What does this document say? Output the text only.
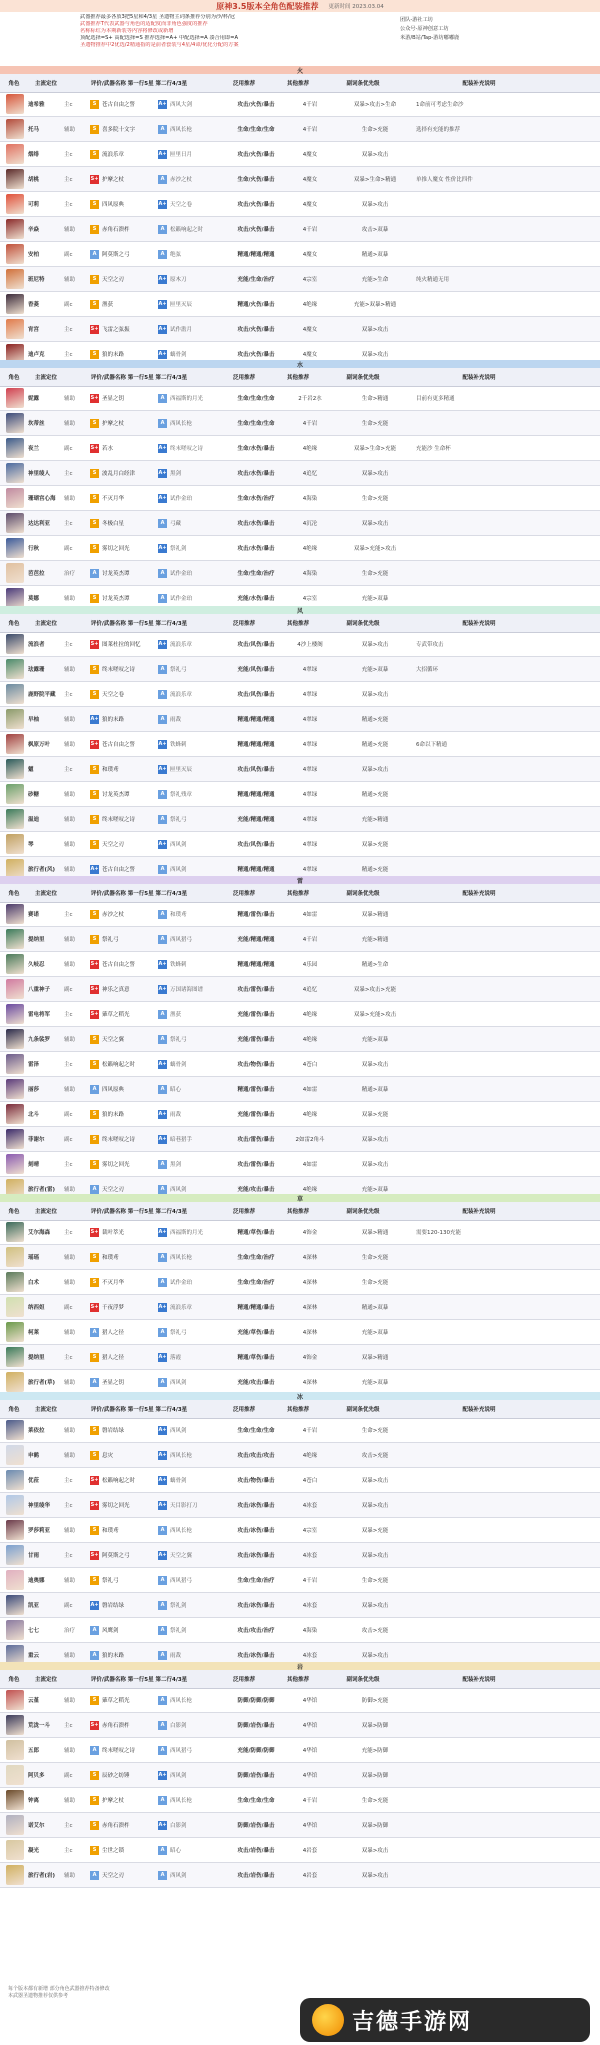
原神3.5版本全角色配装推荐 更新时间 2023.03.04
武器推荐最多各放3把5星和4/3星 圣遗物主词条推荐分别为沙/杯/冠
武器推荐T代表武器与角色的适配度而非角色强度的推荐
名称标红为本期新装等内容将修改或新增
顶配选择=S+ 高配选择=S 推荐选择=A+ 中配选择=A 凑合用即=A
圣遗物推荐中2优选/2精通指的是前者套装与4星/4命/优化分配的方案
团队-游社工坊
公众号-原神创意工坊
米游/B站/Tap-游坊嘟嘟鹿
火
角色	主流定位	评价/武器名称 第一行5星 第二行4/3星	泛用推荐	其他推荐	副词条优先级	配装补充说明
迪希雅	主c	S	苍古自由之誓	A+ 西风大剑	攻击/火伤/暴击	4千岩	双暴>攻击>生命	1命前可考虑生命沙
托马	辅助	S	喜多院十文字	A	西风长枪	生命/生命/生命	4千岩	生命>充能	选择有充能的推荐
烟绯	主c	S	流浪乐章	A+ 匣里日月	攻击/火伤/暴击	4魔女	双暴>攻击
胡桃	主c	S+ 护摩之杖	A	赤沙之杖	生命/火伤/暴击	4魔女	双暴>生命>精通	单推人魔女 性价比四件
可莉	主c	S	四风原典	A+ 天空之卷	攻击/火伤/暴击	4魔女	双暴>攻击
辛焱	辅助	S	赤角石溃杵	A	松籁响起之时	攻击/火伤/暴击	4千岩	攻击>双暴
安柏	副c	A	阿莫斯之弓	A	绝弦	精通/精通/精通	4魔女	精通>双暴
班尼特	辅助	S	天空之刃	A+ 原木刀	充能/生命/治疗	4宗室	充能>生命	纯火精通无用
香菱	副c	S	渔获	A+ 匣里灭辰	精通/火伤/暴击	4绝缘	充能>双暴>精通
宵宫	主c	S+ 飞雷之弦振	A+ 试作澹月	攻击/火伤/暴击	4魔女	双暴>攻击
迪卢克	主c	S	狼的末路	A+ 螭骨剑	攻击/火伤/暴击	4魔女	双暴>攻击
水
角色	主流定位	评价/武器名称 第一行5星 第二行4/3星	泛用推荐	其他推荐	副词条优先级	配装补充说明
妮露	辅助	S+ 圣显之钥	A	西福斯的月光	生命/生命/生命	2千岩2水	生命>精通	目前有更多精通
坎蒂丝	辅助	S	护摩之杖	A	西风长枪	生命/生命/生命	4千岩	生命>充能
夜兰	副c	S+ 若水	A+ 终末嗟叹之诗	生命/水伤/暴击	4绝缘	双暴>生命>充能	充能沙 生命杯
神里绫人	主c	S	波乱月白经津	A+ 黑剑	攻击/水伤/暴击	4追忆	双暴>攻击
珊瑚宫心海	辅助	S	不灭月华	A+ 试作金珀	生命/水伤/治疗	4海染	生命>充能
达达利亚	主c	S	冬极白星	A	弓藏	攻击/水伤/暴击	4沉沦	双暴>攻击
行秋	副c	S	雾切之回光	A+ 祭礼剑	攻击/水伤/暴击	4绝缘	双暴>充能>攻击
芭芭拉	治疗	A	讨龙英杰谭	A	试作金珀	生命/生命/治疗	4海染	生命>充能
莫娜	辅助	S	讨龙英杰谭	A	试作金珀	充能/水伤/暴击	4宗室	充能>双暴
风
角色	主流定位	评价/武器名称 第一行5星 第二行4/3星	泛用推荐	其他推荐	副词条优先级	配装补充说明
流浪者	主c	S+ 图莱杜拉的回忆	A+ 流浪乐章	攻击/风伤/暴击	4沙上楼阁	双暴>攻击	专武带攻击
珐露珊	辅助	S	终末嗟叹之诗	A	祭礼弓	充能/风伤/暴击	4翠绿	充能>双暴	大招循环
鹿野院平藏	主c	S	天空之卷	A	流浪乐章	攻击/风伤/暴击	4翠绿	双暴>攻击
早柚	辅助	A+ 狼的末路	A	雨裁	精通/精通/精通	4翠绿	精通>充能
枫原万叶	辅助	S+ 苍古自由之誓	A+ 铁蜂刺	精通/精通/精通	4翠绿	精通>充能	6命以下精通
魈	主c	S	和璞鸢	A+ 匣里灭辰	攻击/风伤/暴击	4翠绿	双暴>攻击
砂糖	辅助	S	讨龙英杰谭	A	祭礼残章	精通/精通/精通	4翠绿	精通>充能
温迪	辅助	S	终末嗟叹之诗	A	祭礼弓	充能/精通/精通	4翠绿	充能>精通
琴	辅助	S	天空之刃	A+ 西风剑	攻击/风伤/暴击	4翠绿	双暴>充能
旅行者(风)	辅助	A+ 苍古自由之誓	A	西风剑	精通/精通/精通	4翠绿	精通>充能
雷
角色	主流定位	评价/武器名称 第一行5星 第二行4/3星	泛用推荐	其他推荐	副词条优先级	配装补充说明
赛诺	主c	S	赤沙之杖	A	和璞鸢	精通/雷伤/暴击	4如雷	双暴>精通
提纳里	辅助	S	祭礼弓	A	西风猎弓	充能/精通/精通	4千岩	充能>精通
久岐忍	辅助	S+ 苍古自由之誓	A+ 铁蜂刺	精通/精通/精通	4乐园	精通>生命
八重神子	副c	S+ 神乐之真意	A+ 万国诸海图谱	攻击/雷伤/暴击	4追忆	双暴>攻击>充能
雷电将军	主c	S+ 薙草之稻光	A	渔获	充能/雷伤/暴击	4绝缘	双暴>充能>攻击
九条裟罗	辅助	S	天空之翼	A	祭礼弓	充能/雷伤/暴击	4绝缘	充能>双暴
雷泽	主c	S	松籁响起之时	A+ 螭骨剑	攻击/物伤/暴击	4苍白	双暴>攻击
丽莎	辅助	A	四风原典	A	昭心	精通/雷伤/暴击	4如雷	精通>双暴
北斗	副c	S	狼的末路	A+ 雨裁	充能/雷伤/暴击	4绝缘	双暴>充能
菲谢尔	副c	S	终末嗟叹之诗	A+ 暗巷猎手	攻击/雷伤/暴击	2如雷2角斗	双暴>攻击
刻晴	主c	S	雾切之回光	A	黑剑	攻击/雷伤/暴击	4如雷	双暴>攻击
旅行者(雷)	辅助	A	天空之刃	A	西风剑	充能/攻击/暴击	4绝缘	充能>双暴
草
角色	主流定位	评价/武器名称 第一行5星 第二行4/3星	泛用推荐	其他推荐	副词条优先级	配装补充说明
艾尔海森	主c	S+ 裁叶萃光	A+ 西福斯的月光	精通/草伤/暴击	4饰金	双暴>精通	需要120-130充能
瑶瑶	辅助	S	和璞鸢	A	西风长枪	生命/生命/治疗	4深林	生命>充能
白术	辅助	S	不灭月华	A	试作金珀	生命/生命/治疗	4深林	生命>充能
纳西妲	副c	S+ 千夜浮梦	A+ 流浪乐章	精通/精通/暴击	4深林	精通>双暴
柯莱	辅助	A	猎人之径	A	祭礼弓	充能/草伤/暴击	4深林	充能>双暴
提纳里	主c	S	猎人之径	A+ 落霞	精通/草伤/暴击	4饰金	双暴>精通
旅行者(草)	辅助	A	圣显之钥	A	西风剑	充能/攻击/暴击	4深林	充能>双暴
冰
角色	主流定位	评价/武器名称 第一行5星 第二行4/3星	泛用推荐	其他推荐	副词条优先级	配装补充说明
莱依拉	辅助	S	磐岩结绿	A+ 西风剑	生命/生命/生命	4千岩	生命>充能
申鹤	辅助	S	息灾	A+ 西风长枪	攻击/攻击/攻击	4绝缘	攻击>充能
优菈	主c	S+ 松籁响起之时	A+ 螭骨剑	攻击/物伤/暴击	4苍白	双暴>攻击
神里绫华	主c	S+ 雾切之回光	A+ 天目影打刀	攻击/冰伤/暴击	4冰套	双暴>攻击
罗莎莉亚	辅助	S	和璞鸢	A	西风长枪	攻击/冰伤/暴击	4宗室	双暴>充能
甘雨	主c	S+ 阿莫斯之弓	A+ 天空之翼	攻击/冰伤/暴击	4冰套	双暴>攻击
迪奥娜	辅助	S	祭礼弓	A	西风猎弓	生命/生命/治疗	4千岩	生命>充能
凯亚	副c	A+ 磐岩结绿	A	祭礼剑	攻击/冰伤/暴击	4冰套	双暴>攻击
七七	治疗	A	风鹰剑	A	祭礼剑	攻击/攻击/治疗	4海染	攻击>充能
重云	辅助	A	狼的末路	A	雨裁	攻击/冰伤/暴击	4冰套	双暴>攻击
岩
角色	主流定位	评价/武器名称 第一行5星 第二行4/3星	泛用推荐	其他推荐	副词条优先级	配装补充说明
云堇	辅助	S	薙草之稻光	A	西风长枪	防御/防御/防御	4华馆	防御>充能
荒泷一斗	主c	S+ 赤角石溃杵	A	白影剑	防御/岩伤/暴击	4华馆	双暴>防御
五郎	辅助	A	终末嗟叹之诗	A	西风猎弓	充能/防御/防御	4华馆	充能>防御
阿贝多	副c	S	辰砂之纺锤	A+ 西风剑	防御/岩伤/暴击	4华馆	双暴>防御
钟离	辅助	S	护摩之杖	A	西风长枪	生命/生命/生命	4千岩	生命>充能
诺艾尔	主c	S	赤角石溃杵	A+ 白影剑	防御/岩伤/暴击	4华馆	双暴>防御
凝光	主c	S	尘世之锁	A	昭心	攻击/岩伤/暴击	4岩套	双暴>攻击
旅行者(岩)	辅助	A	天空之刃	A	西风剑	攻击/岩伤/暴击	4岩套	双暴>攻击
每个版本都有新增 部分角色武器推荐特备修改
本武器圣遗物推荐仅供参考
吉德手游网
